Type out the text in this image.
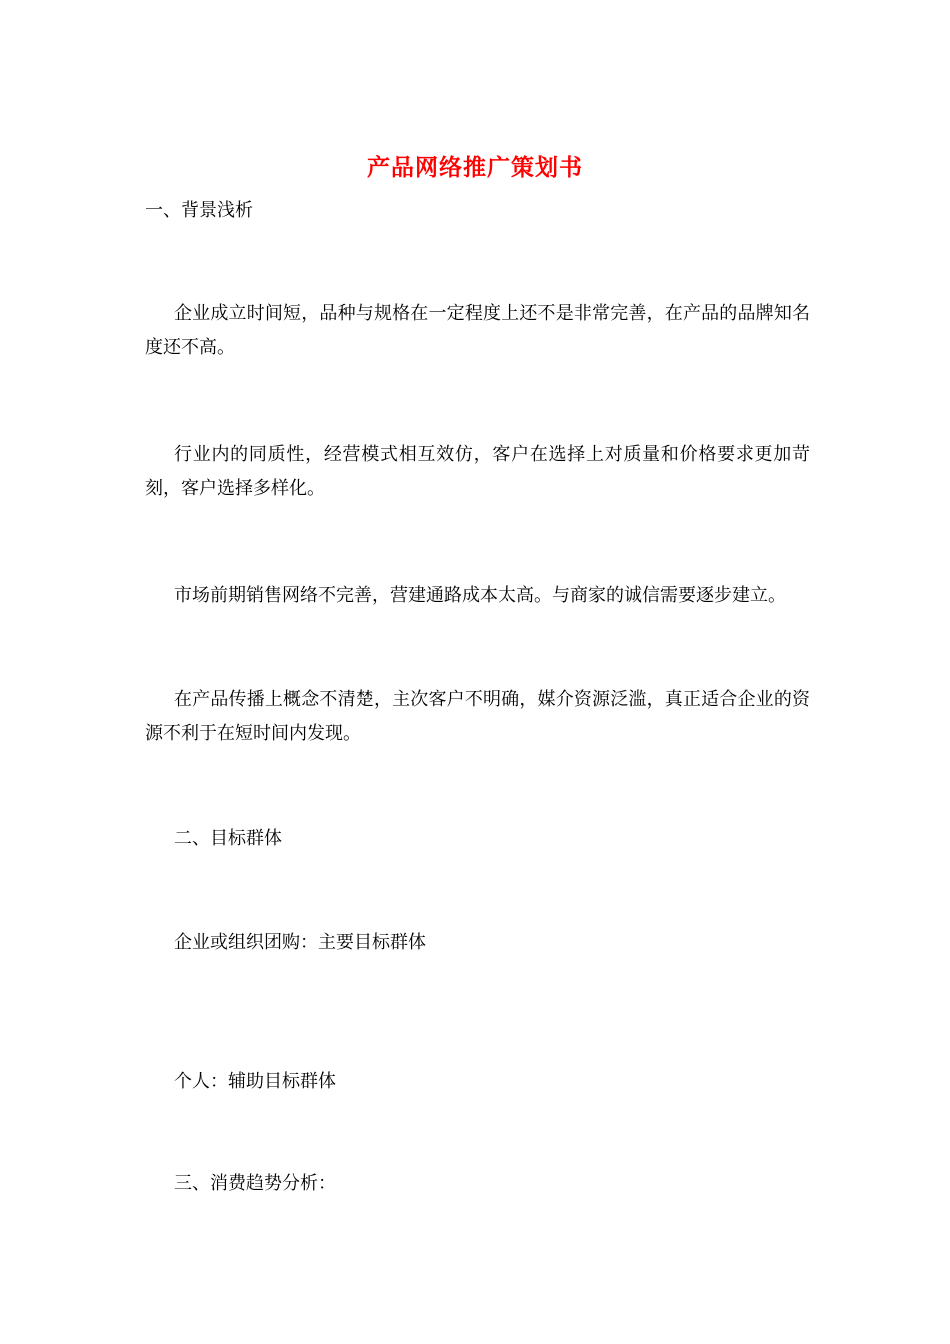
产品网络推广策划书
一、背景浅析
企业成立时间短，品种与规格在一定程度上还不是非常完善，在产品的品牌知名度还不高。
行业内的同质性，经营模式相互效仿，客户在选择上对质量和价格要求更加苛刻，客户选择多样化。
市场前期销售网络不完善，营建通路成本太高。与商家的诚信需要逐步建立。
在产品传播上概念不清楚，主次客户不明确，媒介资源泛滥，真正适合企业的资源不利于在短时间内发现。
二、目标群体
企业或组织团购：主要目标群体
个人：辅助目标群体
三、消费趋势分析：
